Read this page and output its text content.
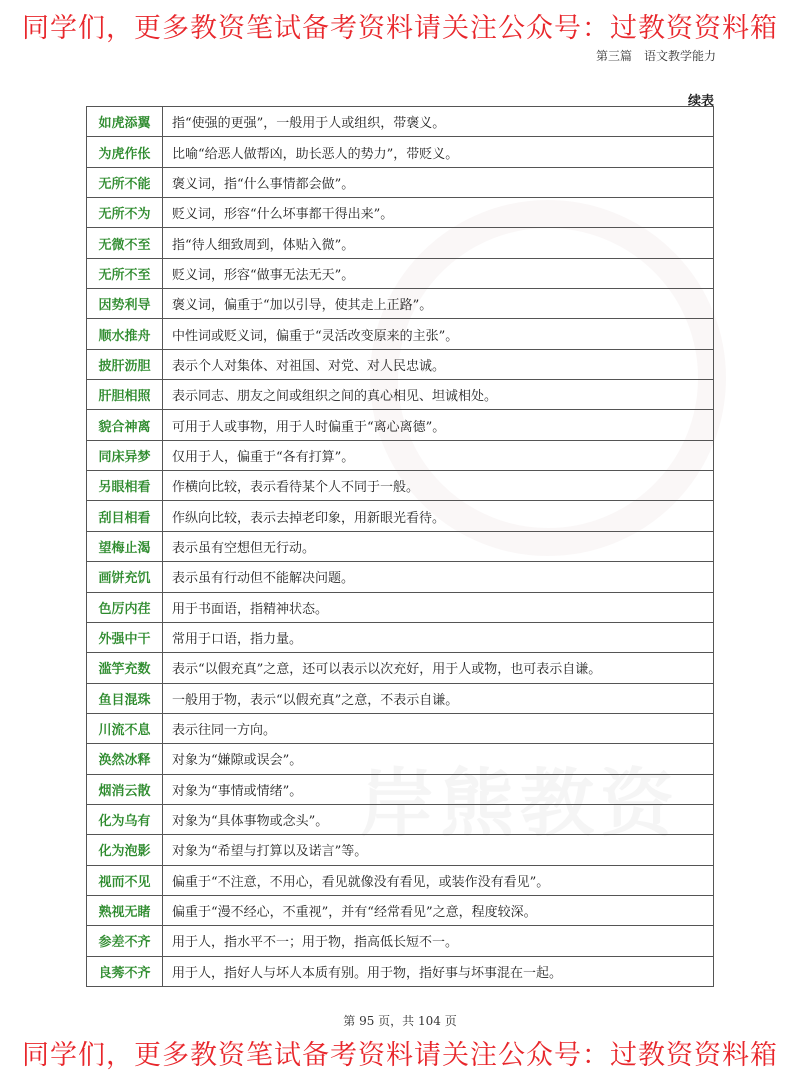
岸熊教资
同学们，更多教资笔试备考资料请关注公众号：过教资资料箱
第三篇　语文教学能力
续表
如虎添翼	指“使强的更强”，一般用于人或组织，带褒义。
为虎作伥	比喻“给恶人做帮凶，助长恶人的势力”，带贬义。
无所不能	褒义词，指“什么事情都会做”。
无所不为	贬义词，形容“什么坏事都干得出来”。
无微不至	指“待人细致周到，体贴入微”。
无所不至	贬义词，形容“做事无法无天”。
因势利导	褒义词，偏重于“加以引导，使其走上正路”。
顺水推舟	中性词或贬义词，偏重于“灵活改变原来的主张”。
披肝沥胆	表示个人对集体、对祖国、对党、对人民忠诚。
肝胆相照	表示同志、朋友之间或组织之间的真心相见、坦诚相处。
貌合神离	可用于人或事物，用于人时偏重于“离心离德”。
同床异梦	仅用于人，偏重于“各有打算”。
另眼相看	作横向比较，表示看待某个人不同于一般。
刮目相看	作纵向比较，表示去掉老印象，用新眼光看待。
望梅止渴	表示虽有空想但无行动。
画饼充饥	表示虽有行动但不能解决问题。
色厉内荏	用于书面语，指精神状态。
外强中干	常用于口语，指力量。
滥竽充数	表示“以假充真”之意，还可以表示以次充好，用于人或物，也可表示自谦。
鱼目混珠	一般用于物，表示“以假充真”之意，不表示自谦。
川流不息	表示往同一方向。
涣然冰释	对象为“嫌隙或误会”。
烟消云散	对象为“事情或情绪”。
化为乌有	对象为“具体事物或念头”。
化为泡影	对象为“希望与打算以及诺言”等。
视而不见	偏重于“不注意，不用心，看见就像没有看见，或装作没有看见”。
熟视无睹	偏重于“漫不经心，不重视”，并有“经常看见”之意，程度较深。
参差不齐	用于人，指水平不一；用于物，指高低长短不一。
良莠不齐	用于人，指好人与坏人本质有别。用于物，指好事与坏事混在一起。
第 95 页，共 104 页
同学们，更多教资笔试备考资料请关注公众号：过教资资料箱
